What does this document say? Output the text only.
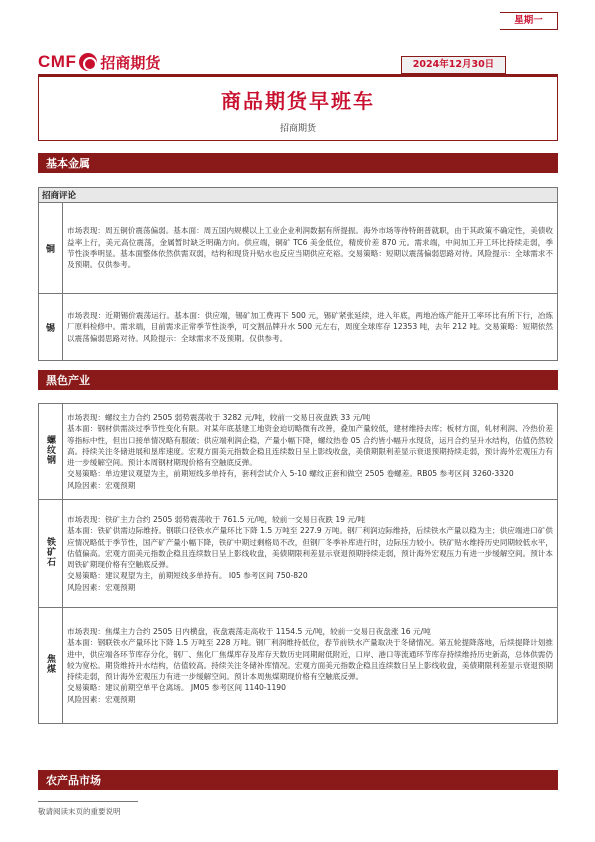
CMF 招商期货	2024年12月30日
星期一
商品期货早班车
招商期货
基本金属
招商评论	
铜	市场表现：周五铜价震荡偏弱。基本面：周五国内规模以上工业企业利润数据有所提振。海外市场等待特朗普就职，由于其政策不确定性，美债收益率上行，美元高位震荡，金属暂时缺乏明确方向。供应端，铜矿 TC6 美金低位，精废价差 870 元。需求端，中间加工开工环比持续走弱，季节性淡季明显。基本面整体依然供需双弱，结构和现货升贴水也反应当期供应充裕。交易策略：短期以震荡偏弱思路对待。风险提示：全球需求不及预期。仅供参考。
锡	市场表现：近期锡价震荡运行。基本面：供应端，锡矿加工费再下 500 元，锡矿紧张延续，进入年底，两地冶炼产能开工率环比有所下行，冶炼厂原料检修中。需求端，目前需求正常季节性淡季，可交割品牌升水 500 元左右，周度全球库存 12353 吨，去年 212 吨。交易策略：短期依然以震荡偏弱思路对待。风险提示：全球需求不及预期。仅供参考。
黑色产业
螺纹钢	市场表现：螺纹主力合约 2505 弱势震荡收于 3282 元/吨，较前一交易日夜盘跌 33 元/吨
基本面：钢材供需淡过季节性变化有限。对某年底基建工地资金迫切略微有改善，叠加产量较低，建材维持去库；板材方面，轧材利润、冷热价差等指标中性，但出口接单情况略有服破；供应端利润企稳，产量小幅下降，螺纹热卷 05 合约皆小幅升水现货，运月合约呈升水结构，估值仍然较高。持续关注冬储进展和垦库速度。宏观方面美元指数企稳且连续数日呈上影线收盘，美债期限利差显示衰退预期持续走弱，预计海外宏观压力有进一步缓解空间。预计本周钢材期现价格有空触底反弹。
交易策略：单边建议观望为主，前期短线多单持有，套利尝试介入 5-10 螺纹正套和做空 2505 卷螺差。RB05 参考区间 3260-3320
风险因素：宏观预期
铁矿石	市场表现：铁矿主力合约 2505 弱势震荡收于 761.5 元/吨，较前一交易日夜跌 19 元/吨
基本面：铁矿供需边际维持。钢联口径铁水产量环比下降 1.5 万吨至 227.9 万吨。钢厂利润边际维持，后续铁水产量以稳为主；供应端进口矿供应情况略低于季节性，国产矿产量小幅下降，铁矿中期过剩格局不改，但钢厂冬季补库进行时，边际压力较小。铁矿贴水维持历史同期较低水平，估值偏高。宏观方面美元指数企稳且连续数日呈上影线收盘，美债期限利差显示衰退预期持续走弱，预计海外宏观压力有进一步缓解空间。预计本周铁矿期现价格有空触底反弹。
交易策略：建议观望为主，前期短线多单持有。 I05 参考区间 750-820
风险因素：宏观预期
焦煤	市场表现：焦煤主力合约 2505 日内横盘，夜盘震荡走高收于 1154.5 元/吨，较前一交易日夜盘涨 16 元/吨
基本面：钢联铁水产量环比下降 1.5 万吨至 228 万吨。钢厂利润维持低位，春节前铁水产量取决于冬储情况。第五轮提降落地，后续提降计划推进中，供应端各环节库存分化，钢厂、焦化厂焦煤库存及库存天数历史同期耐低附近，口岸、港口等流通环节库存持续维持历史新高，总体供需仍较为宽松。期货维持升水结构，估值较高。持续关注冬储补库情况。宏观方面美元指数企稳且连续数日呈上影线收盘，美债期限利差显示衰退预期持续走弱，预计海外宏观压力有进一步缓解空间。预计本周焦煤期现价格有空触底反弹。
交易策略：建议前期空单平仓离场。 JM05 参考区间 1140-1190
风险因素：宏观预期
农产品市场
敬请阅读末页的重要说明
